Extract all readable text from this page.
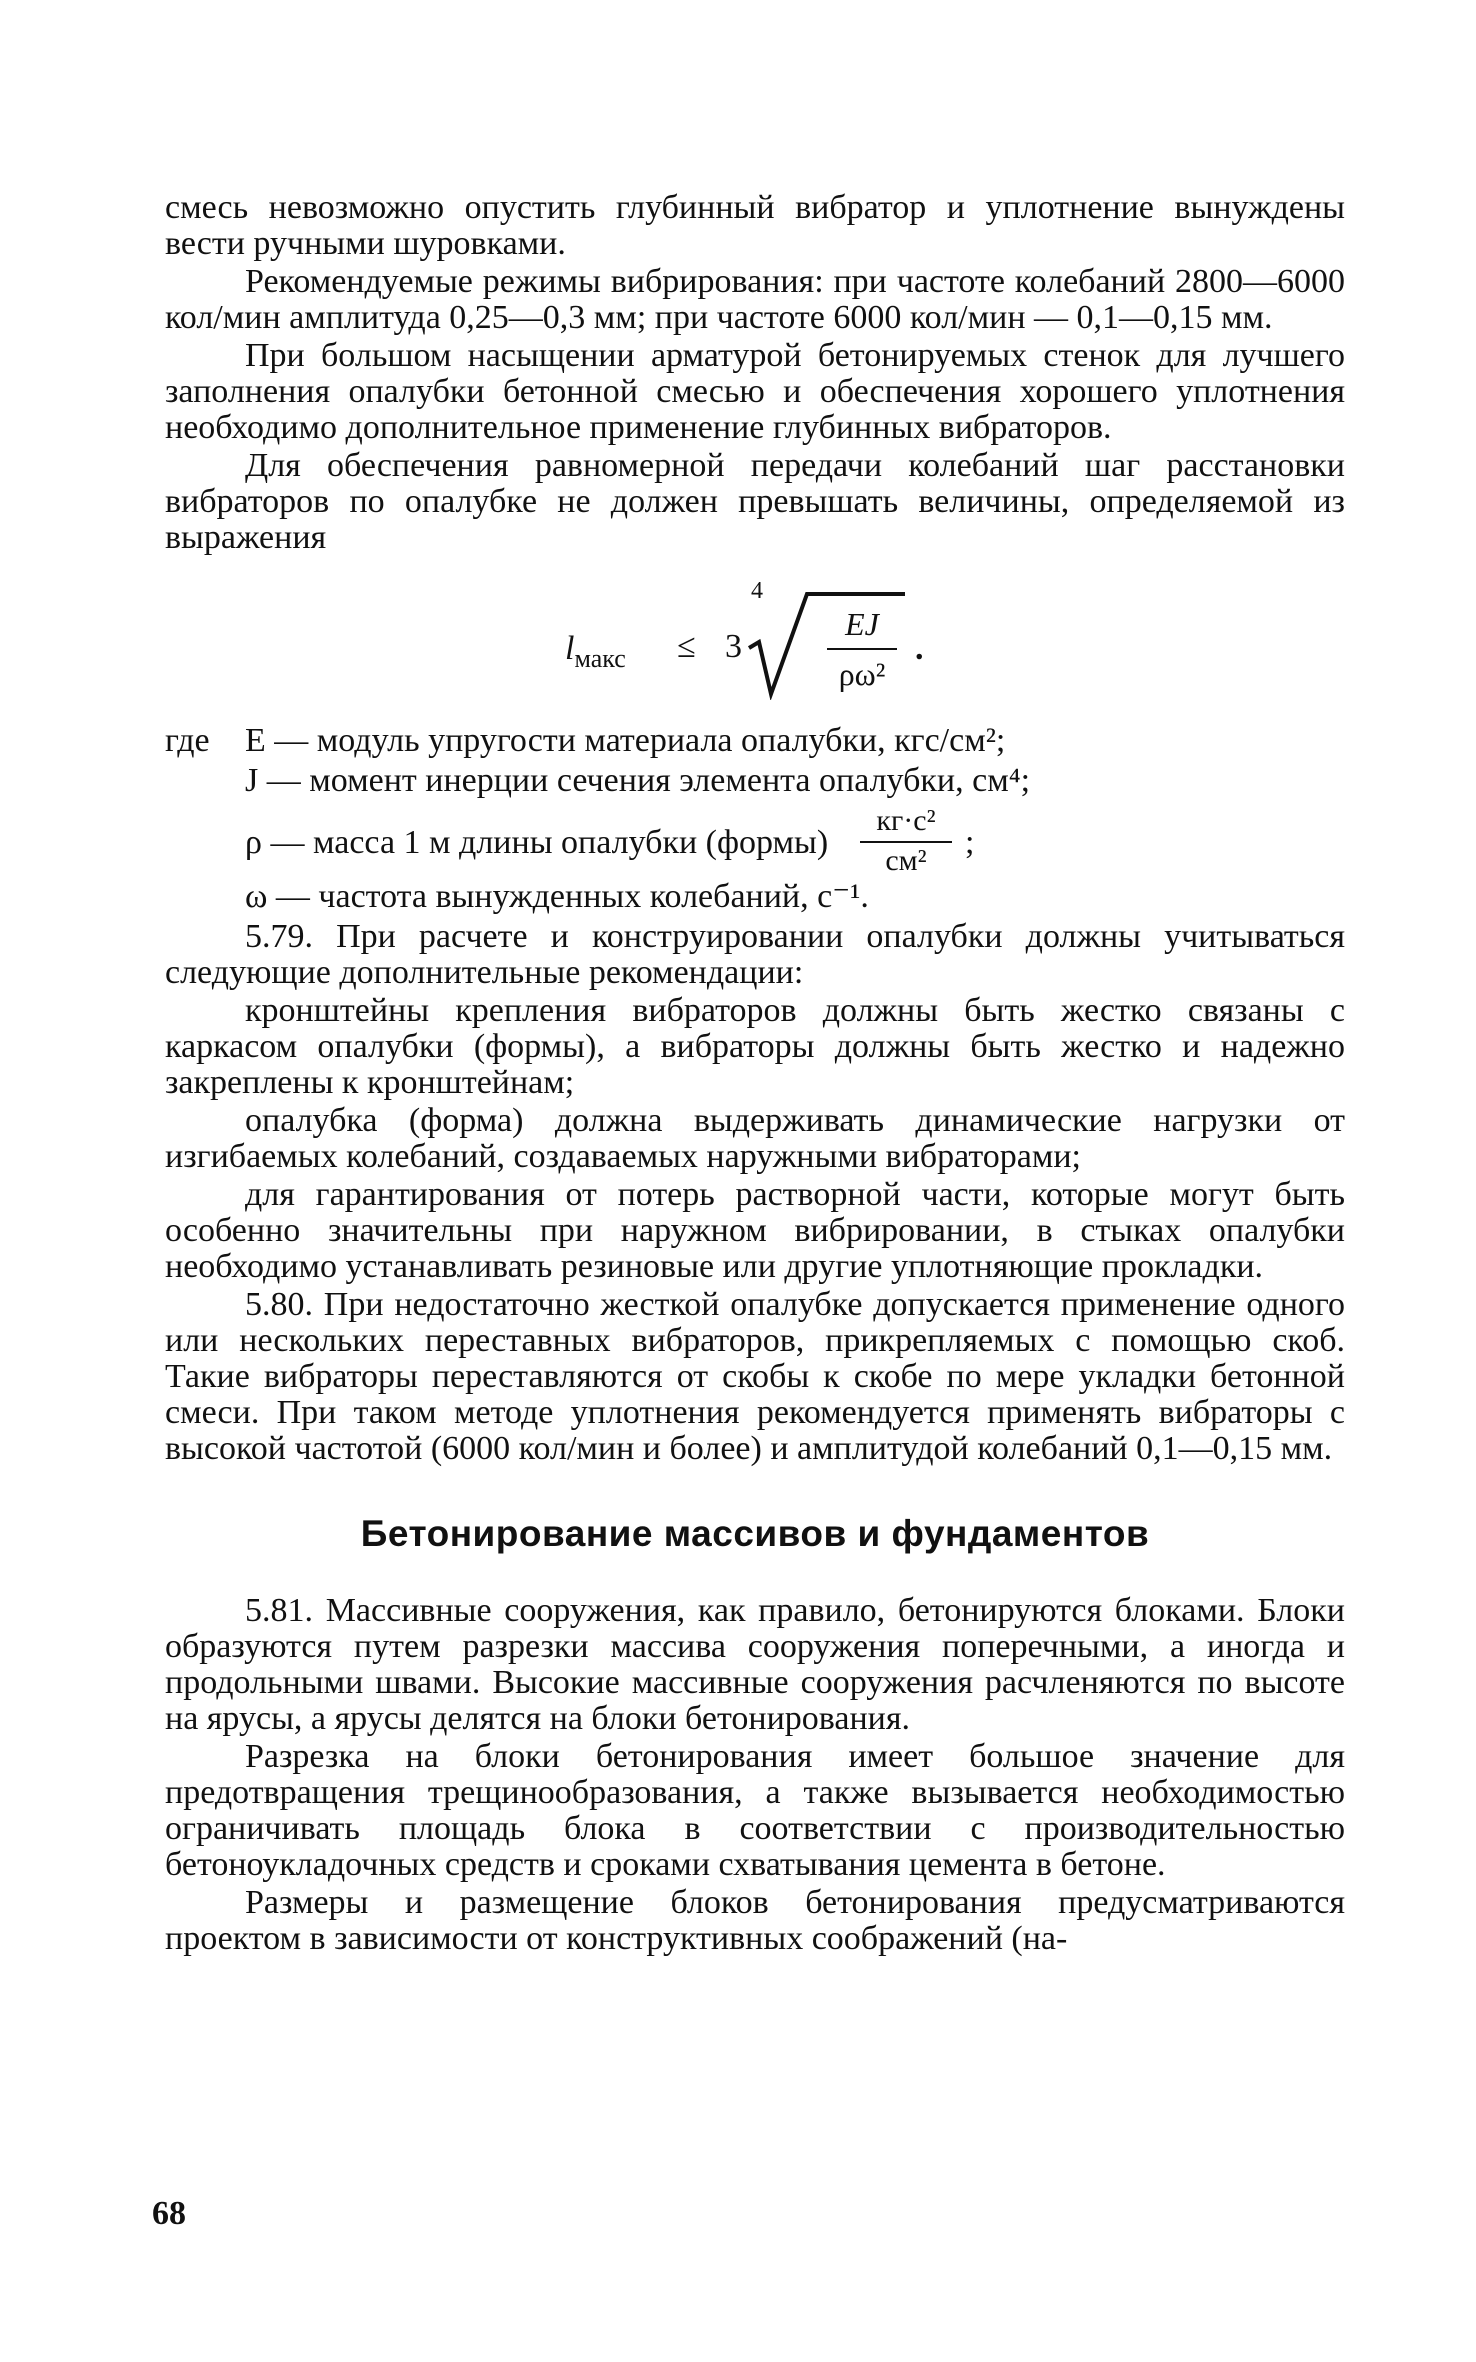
смесь невозможно опустить глубинный вибратор и уплотнение вынуждены вести ручными шуровками.

Рекомендуемые режимы вибрирования: при частоте колебаний 2800—6000 кол/мин амплитуда 0,25—0,3 мм; при частоте 6000 кол/мин — 0,1—0,15 мм.

При большом насыщении арматурой бетонируемых стенок для лучшего заполнения опалубки бетонной смесью и обеспечения хорошего уплотнения необходимо дополнительное применение глубинных вибраторов.

Для обеспечения равномерной передачи колебаний шаг расстановки вибраторов по опалубке не должен превышать величины, определяемой из выражения

$l_{макс} \le 3$
4
EJ
ρω²
.
где E — модуль упругости материала опалубки, кгс/см²;
J — момент инерции сечения элемента опалубки, см⁴;
ρ — масса 1 м длины опалубки (формы)
кг·с²
см²	;
ω — частота вынужденных колебаний, с⁻¹.

5.79. При расчете и конструировании опалубки должны учитываться следующие дополнительные рекомендации:

кронштейны крепления вибраторов должны быть жестко связаны с каркасом опалубки (формы), а вибраторы должны быть жестко и надежно закреплены к кронштейнам;

опалубка (форма) должна выдерживать динамические нагрузки от изгибаемых колебаний, создаваемых наружными вибраторами;

для гарантирования от потерь растворной части, которые могут быть особенно значительны при наружном вибрировании, в стыках опалубки необходимо устанавливать резиновые или другие уплотняющие прокладки.

5.80. При недостаточно жесткой опалубке допускается применение одного или нескольких переставных вибраторов, прикрепляемых с помощью скоб. Такие вибраторы переставляются от скобы к скобе по мере укладки бетонной смеси. При таком методе уплотнения рекомендуется применять вибраторы с высокой частотой (6000 кол/мин и более) и амплитудой колебаний 0,1—0,15 мм.

Бетонирование массивов и фундаментов

5.81. Массивные сооружения, как правило, бетонируются блоками. Блоки образуются путем разрезки массива сооружения поперечными, а иногда и продольными швами. Высокие массивные сооружения расчленяются по высоте на ярусы, а ярусы делятся на блоки бетонирования.

Разрезка на блоки бетонирования имеет большое значение для предотвращения трещинообразования, а также вызывается необходимостью ограничивать площадь блока в соответствии с производительностью бетоноукладочных средств и сроками схватывания цемента в бетоне.

Размеры и размещение блоков бетонирования предусматриваются проектом в зависимости от конструктивных соображений (на-

68
